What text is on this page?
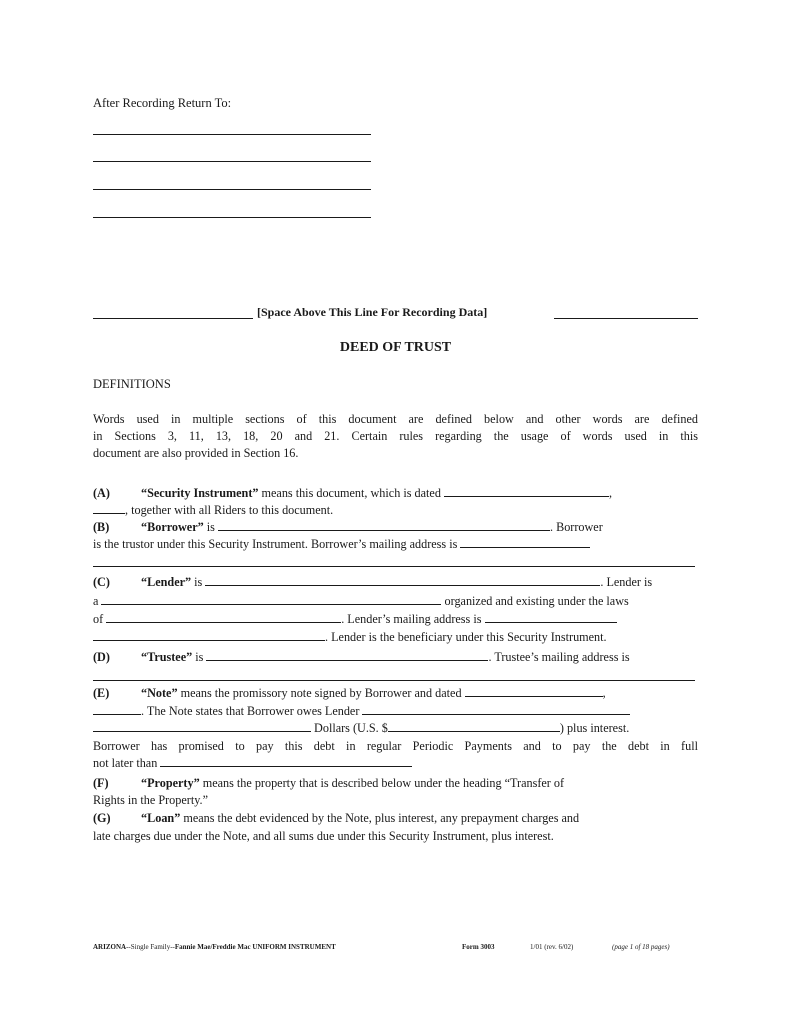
After Recording Return To:
[Space Above This Line For Recording Data]
DEED OF TRUST
DEFINITIONS
Words used in multiple sections of this document are defined below and other words are defined
in Sections 3, 11, 13, 18, 20 and 21. Certain rules regarding the usage of words used in this
document are also provided in Section 16.
(A)	“Security Instrument” means this document, which is dated	,
, together with all Riders to this document.
(B)	“Borrower” is	. Borrower
is the trustor under this Security Instrument. Borrower’s mailing address is
(C)	“Lender” is	. Lender is
a	organized and existing under the laws
of	. Lender’s mailing address is
. Lender is the beneficiary under this Security Instrument.
(D)	“Trustee” is	. Trustee’s mailing address is
(E)	“Note” means the promissory note signed by Borrower and dated	,
. The Note states that Borrower owes Lender
Dollars (U.S. $	) plus interest.
Borrower has promised to pay this debt in regular Periodic Payments and to pay the debt in full
not later than
(F)	“Property” means the property that is described below under the heading “Transfer of
Rights in the Property.”
(G) “Loan” means the debt evidenced by the Note, plus interest, any prepayment charges and
late charges due under the Note, and all sums due under this Security Instrument, plus interest.
ARIZONA--Single Family--Fannie Mae/Freddie Mac UNIFORM INSTRUMENT	Form 3003	1/01 (rev. 6/02)	(page 1 of 18 pages)
